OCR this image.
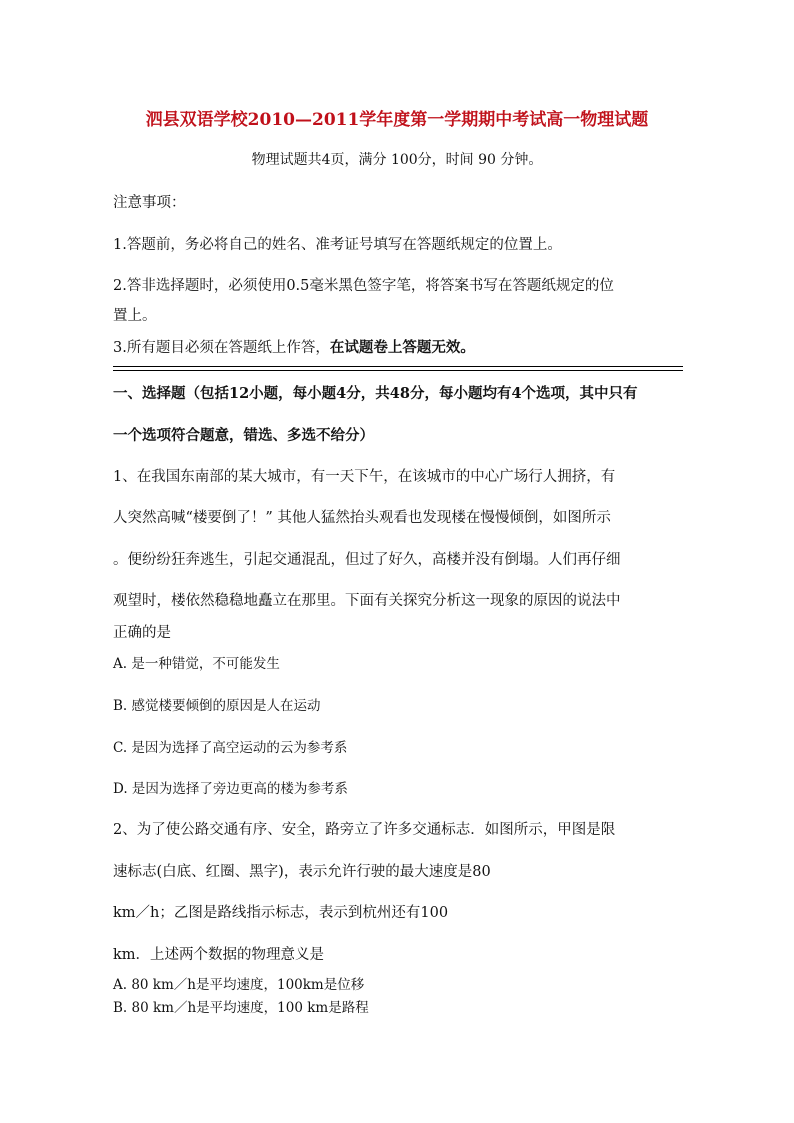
泗县双语学校2010—2011学年度第一学期期中考试高一物理试题
物理试题共4页，满分 100分，时间 90 分钟。
注意事项：
1.答题前，务必将自己的姓名、准考证号填写在答题纸规定的位置上。
2.答非选择题时，必须使用0.5毫米黑色签字笔，将答案书写在答题纸规定的位
置上。
3.所有题目必须在答题纸上作答，在试题卷上答题无效。
一、选择题（包括12小题，每小题4分，共48分，每小题均有4个选项，其中只有
一个选项符合题意，错选、多选不给分）
1、在我国东南部的某大城市，有一天下午，在该城市的中心广场行人拥挤，有
人突然高喊“楼要倒了！” 其他人猛然抬头观看也发现楼在慢慢倾倒，如图所示
。便纷纷狂奔逃生，引起交通混乱，但过了好久，高楼并没有倒塌。人们再仔细
观望时，楼依然稳稳地矗立在那里。下面有关探究分析这一现象的原因的说法中
正确的是
A. 是一种错觉，不可能发生
B. 感觉楼要倾倒的原因是人在运动
C. 是因为选择了高空运动的云为参考系
D. 是因为选择了旁边更高的楼为参考系
2、为了使公路交通有序、安全，路旁立了许多交通标志．如图所示，甲图是限
速标志(白底、红圈、黑字)，表示允许行驶的最大速度是80
km／h；乙图是路线指示标志，表示到杭州还有100
km．上述两个数据的物理意义是
A. 80 km／h是平均速度，100km是位移
B. 80 km／h是平均速度，100 km是路程
